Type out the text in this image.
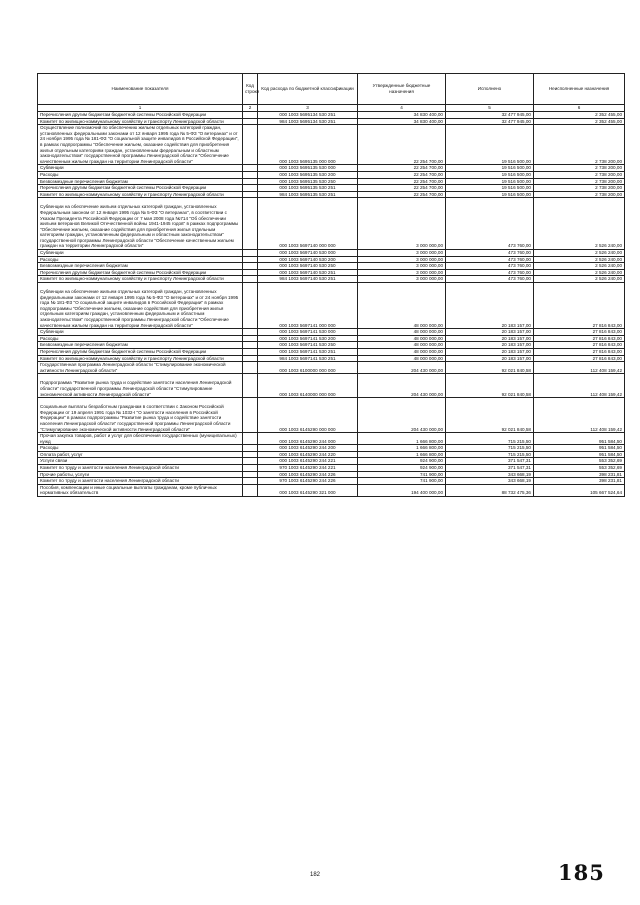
Наименование показателя	Код строки	Код расхода по бюджетной классификации	Утвержденные бюджетные назначения	Исполнено	Неисполненные назначения
1	2	3	4	5	6
Перечисления другим бюджетам бюджетной системы Российской Федерации		000 1003 5695134 530 251	34 830 400,00	32 477 945,00	2 352 455,00
Комитет по жилищно-коммунальному хозяйству и транспорту Ленинградской области		984 1003 5695134 530 251	34 830 400,00	32 477 945,00	2 352 455,00
Осуществление полномочий по обеспечению жильем отдельных категорий граждан, установленных федеральными законами от 12 января 1995 года № 5-ФЗ "О ветеранах" и от 24 ноября 1995 года № 181-ФЗ "О социальной защите инвалидов в Российской Федерации", в рамках подпрограммы "Обеспечение жильем, оказание содействия для приобретения жилья отдельным категориям граждан, установленным федеральным и областным законодательством" государственной программы Ленинградской области "Обеспечение качественным жильем граждан на территории Ленинградской области"		000 1003 5695135 000 000	22 254 700,00	19 516 500,00	2 738 200,00
Субвенции		000 1003 5695135 530 000	22 254 700,00	19 516 500,00	2 738 200,00
Расходы		000 1003 5695135 530 200	22 254 700,00	19 516 500,00	2 738 200,00
Безвозмездные перечисления бюджетам		000 1003 5695135 530 250	22 254 700,00	19 516 500,00	2 738 200,00
Перечисления другим бюджетам бюджетной системы Российской Федерации		000 1003 5695135 530 251	22 254 700,00	19 516 500,00	2 738 200,00
Комитет по жилищно-коммунальному хозяйству и транспорту Ленинградской области		984 1003 5695135 530 251	22 254 700,00	19 516 500,00	2 738 200,00
Субвенции на обеспечение жильем отдельных категорий граждан, установленных Федеральным законом от 12 января 1995 года № 5-ФЗ "О ветеранах", в соответствии с Указом Президента Российской Федерации от 7 мая 2008 года №714 "Об обеспечении жильем ветеранов Великой Отечественной войны 1941-1945 годов" в рамках подпрограммы "Обеспечение жильем, оказание содействия для приобретения жилья отдельным категориям граждан, установленным федеральным и областным законодательством" государственной программы Ленинградской области "Обеспечение качественным жильем граждан на территории Ленинградской области"		000 1003 5697140 000 000	3 000 000,00	473 760,00	2 526 240,00
Субвенции		000 1003 5697140 530 000	3 000 000,00	473 760,00	2 526 240,00
Расходы		000 1003 5697140 530 200	3 000 000,00	473 760,00	2 526 240,00
Безвозмездные перечисления бюджетам		000 1003 5697140 530 250	3 000 000,00	473 760,00	2 526 240,00
Перечисления другим бюджетам бюджетной системы Российской Федерации		000 1003 5697140 530 251	3 000 000,00	473 760,00	2 526 240,00
Комитет по жилищно-коммунальному хозяйству и транспорту Ленинградской области		984 1003 5697140 530 251	3 000 000,00	473 760,00	2 526 240,00
Субвенции на обеспечение жильем отдельных категорий граждан, установленных федеральными законами от 12 января 1995 года № 5-ФЗ "О ветеранах" и от 24 ноября 1995 года № 181-ФЗ "О социальной защите инвалидов в Российской Федерации" в рамках подпрограммы "Обеспечение жильем, оказание содействия для приобретения жилья отдельным категориям граждан, установленным федеральным и областным законодательством" государственной программы Ленинградской области "Обеспечение качественным жильем граждан на территории Ленинградской области"		000 1003 5697141 000 000	48 000 000,00	20 183 157,00	27 816 843,00
Субвенции		000 1003 5697141 530 000	48 000 000,00	20 183 157,00	27 816 843,00
Расходы		000 1003 5697141 530 200	48 000 000,00	20 183 157,00	27 816 843,00
Безвозмездные перечисления бюджетам		000 1003 5697141 530 250	48 000 000,00	20 183 157,00	27 816 843,00
Перечисления другим бюджетам бюджетной системы Российской Федерации		000 1003 5697141 530 251	48 000 000,00	20 183 157,00	27 816 843,00
Комитет по жилищно-коммунальному хозяйству и транспорту Ленинградской области		984 1003 5697141 530 251	48 000 000,00	20 183 157,00	27 816 843,00
Государственная программа Ленинградской области "Стимулирование экономической активности Ленинградской области"		000 1003 6100000 000 000	204 430 000,00	92 021 840,58	112 408 159,42
Подпрограмма "Развитие рынка труда и содействие занятости населения Ленинградской области" государственной программы Ленинградской области "Стимулирование экономической активности Ленинградской области"		000 1003 6140000 000 000	204 430 000,00	92 021 840,58	112 408 159,42
Социальные выплаты безработным гражданам в соответствии с Законом Российской Федерации от 19 апреля 1991 года № 1032-I "О занятости населения в Российской Федерации" в рамках подпрограммы "Развитие рынка труда и содействие занятости населения Ленинградской области" государственной программы Ленинградской области "Стимулирование экономической активности Ленинградской области"		000 1003 6145290 000 000	204 430 000,00	92 021 840,58	112 408 159,42
Прочая закупка товаров, работ и услуг для обеспечения государственных (муниципальных) нужд		000 1003 6145290 244 000	1 666 800,00	715 215,50	951 584,50
Расходы		000 1003 6145290 244 200	1 666 800,00	715 215,50	951 584,50
Оплата работ, услуг		000 1003 6145290 244 220	1 666 800,00	715 215,50	951 584,50
Услуги связи		000 1003 6145290 244 221	924 900,00	371 547,31	553 352,69
Комитет по труду и занятости населения Ленинградской области		970 1003 6145290 244 221	924 900,00	371 547,31	553 352,69
Прочие работы, услуги		000 1003 6145290 244 226	741 900,00	343 668,19	398 231,81
Комитет по труду и занятости населения Ленинградской области		970 1003 6145290 244 226	741 900,00	343 668,19	398 231,81
Пособия, компенсации и иные социальные выплаты гражданам, кроме публичных нормативных обязательств		000 1003 6145290 321 000	194 400 000,00	88 732 475,36	105 667 524,64
182	185
